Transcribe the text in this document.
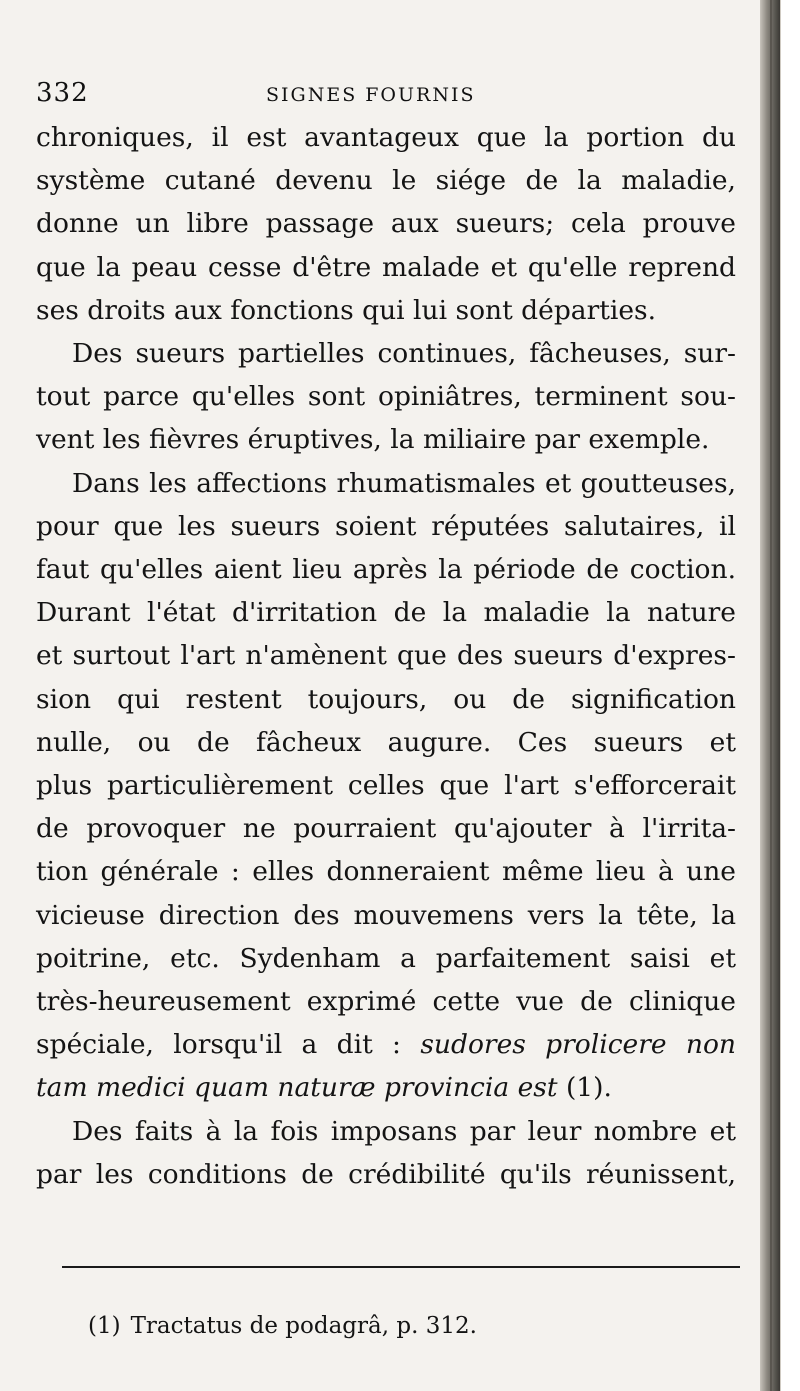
332	SIGNES FOURNIS

chroniques, il est avantageux que la portion du
système cutané devenu le siége de la maladie,
donne un libre passage aux sueurs; cela prouve
que la peau cesse d'être malade et qu'elle reprend
ses droits aux fonctions qui lui sont départies.

Des sueurs partielles continues, fâcheuses, sur-
tout parce qu'elles sont opiniâtres, terminent sou-
vent les fièvres éruptives, la miliaire par exemple.

Dans les affections rhumatismales et goutteuses,
pour que les sueurs soient réputées salutaires, il
faut qu'elles aient lieu après la période de coction.
Durant l'état d'irritation de la maladie la nature
et surtout l'art n'amènent que des sueurs d'expres-
sion qui restent toujours, ou de signification
nulle, ou de fâcheux augure. Ces sueurs et
plus particulièrement celles que l'art s'efforcerait
de provoquer ne pourraient qu'ajouter à l'irrita-
tion générale : elles donneraient même lieu à une
vicieuse direction des mouvemens vers la tête, la
poitrine, etc. Sydenham a parfaitement saisi et
très-heureusement exprimé cette vue de clinique
spéciale, lorsqu'il a dit : sudores prolicere non
tam medici quam naturæ provincia est (1).

Des faits à la fois imposans par leur nombre et
par les conditions de crédibilité qu'ils réunissent,

(1) Tractatus de podagrâ, p. 312.
